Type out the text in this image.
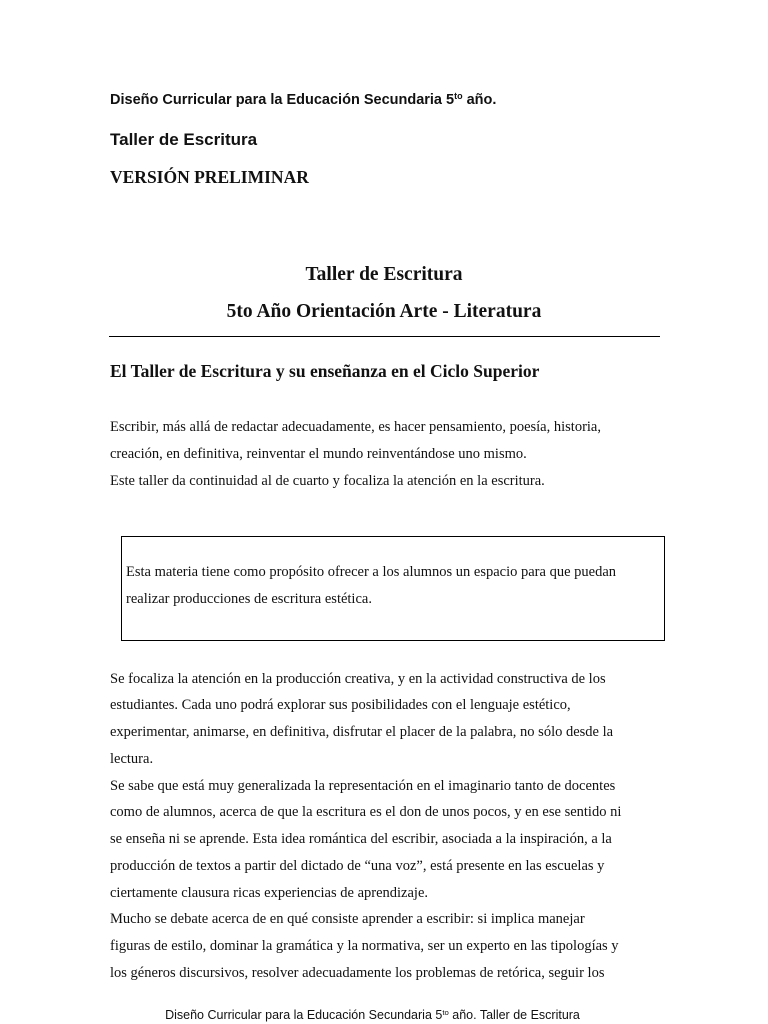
Diseño Curricular para la Educación Secundaria $5^{to}$ año.
Taller de Escritura
VERSIÓN PRELIMINAR
Taller de Escritura
5to Año Orientación Arte - Literatura
El Taller de Escritura y su enseñanza en el Ciclo Superior
Escribir, más allá de redactar adecuadamente, es hacer pensamiento, poesía, historia,
creación, en definitiva, reinventar el mundo reinventándose uno mismo.
Este taller da continuidad al de cuarto y focaliza la atención en la escritura.
Esta materia tiene como propósito ofrecer a los alumnos un espacio para que puedan
realizar producciones de escritura estética.
Se focaliza la atención en la producción creativa, y en la actividad constructiva de los
estudiantes. Cada uno podrá explorar sus posibilidades con el lenguaje estético,
experimentar, animarse, en definitiva, disfrutar el placer de la palabra, no sólo desde la
lectura.
Se sabe que está muy generalizada la representación en el imaginario tanto de docentes
como de alumnos, acerca de que la escritura es el don de unos pocos, y en ese sentido ni
se enseña ni se aprende. Esta idea romántica del escribir, asociada a la inspiración, a la
producción de textos a partir del dictado de “una voz”, está presente en las escuelas y
ciertamente clausura ricas experiencias de aprendizaje.
Mucho se debate acerca de en qué consiste aprender a escribir: si implica manejar
figuras de estilo, dominar la gramática y la normativa, ser un experto en las tipologías y
los géneros discursivos, resolver adecuadamente los problemas de retórica, seguir los
Diseño Curricular para la Educación Secundaria $5^{to}$ año. Taller de Escritura
